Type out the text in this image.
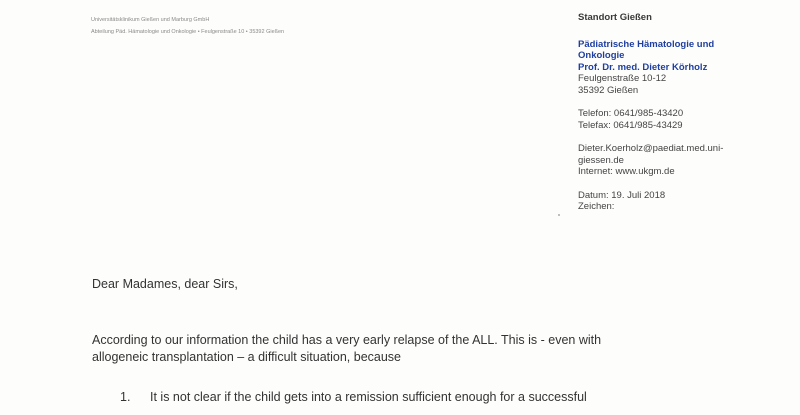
Universitätsklinikum Gießen und Marburg GmbH
Abteilung Päd. Hämatologie und Onkologie • Feulgenstraße 10 • 35392 Gießen
Standort Gießen
Pädiatrische Hämatologie und
Onkologie
Prof. Dr. med. Dieter Körholz
Feulgenstraße 10-12
35392 Gießen
Telefon: 0641/985-43420
Telefax: 0641/985-43429
Dieter.Koerholz@paediat.med.uni-
giessen.de
Internet: www.ukgm.de
Datum: 19. Juli 2018
Zeichen:
Dear Madames, dear Sirs,
According to our information the child has a very early relapse of the ALL. This is - even with
allogeneic transplantation – a difficult situation, because
1.	It is not clear if the child gets into a remission sufficient enough for a successful
